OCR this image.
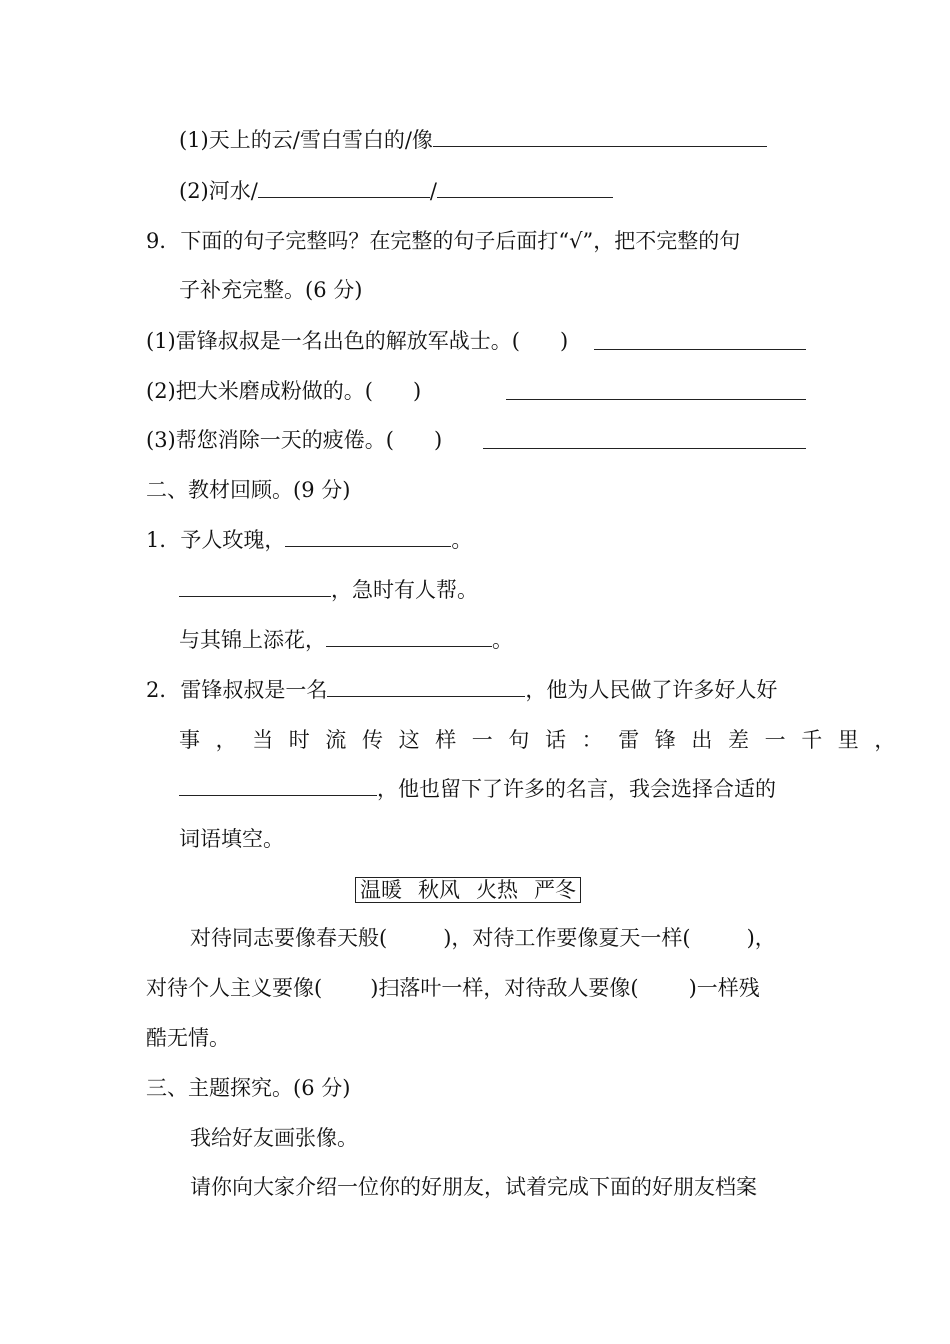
(1)天上的云/雪白雪白的/像
(2)河水/	/
9．下面的句子完整吗？在完整的句子后面打“√”，把不完整的句
子补充完整。(6 分)
(1)雷锋叔叔是一名出色的解放军战士。( )
(2)把大米磨成粉做的。( )
(3)帮您消除一天的疲倦。( )
二、教材回顾。(9 分)
1．予人玫瑰，	。
，急时有人帮。
与其锦上添花，	。
2．雷锋叔叔是一名	，他为人民做了许多好人好
事，当时流传这样一句话：雷锋出差一千里，
，他也留下了许多的名言，我会选择合适的
词语填空。
温暖 秋风 火热 严冬
对待同志要像春天般(	)，对待工作要像夏天一样(	)，
对待个人主义要像( )扫落叶一样，对待敌人要像( )一样残
酷无情。
三、主题探究。(6 分)
我给好友画张像。
请你向大家介绍一位你的好朋友，试着完成下面的好朋友档案
